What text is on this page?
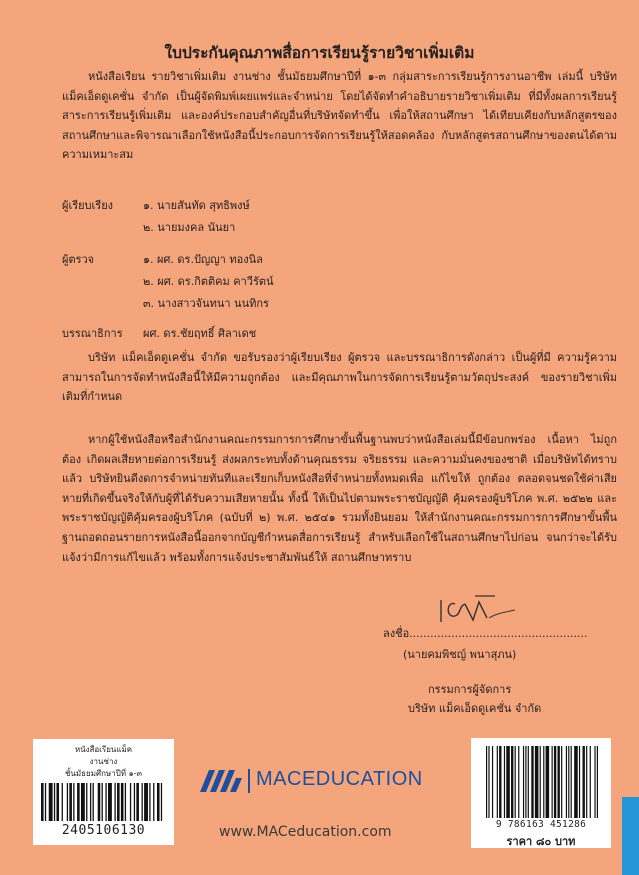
ใบประกันคุณภาพสื่อการเรียนรู้รายวิชาเพิ่มเติม

หนังสือเรียน รายวิชาเพิ่มเติม งานช่าง ชั้นมัธยมศึกษาปีที่ ๑-๓ กลุ่มสาระการเรียนรู้การงานอาชีพ เล่มนี้ บริษัท แม็คเอ็ดดูเคชั่น จำกัด เป็นผู้จัดพิมพ์เผยแพร่และจำหน่าย โดยได้จัดทำคำอธิบายรายวิชาเพิ่มเติม ที่มีทั้งผลการเรียนรู้ สาระการเรียนรู้เพิ่มเติม และองค์ประกอบสำคัญอื่นที่บริษัทจัดทำขึ้น เพื่อให้สถานศึกษา ได้เทียบเคียงกับหลักสูตรของสถานศึกษาและพิจารณาเลือกใช้หนังสือนี้ประกอบการจัดการเรียนรู้ให้สอดคล้อง กับหลักสูตรสถานศึกษาของตนได้ตามความเหมาะสม

ผู้เรียบเรียง	๑. นายสันทัด สุทธิพงษ์
๒. นายมงคล นันยา
ผู้ตรวจ	๑. ผศ. ดร.ปัญญา ทองนิล
๒. ผศ. ดร.กิตติคม คาวีรัตน์
๓. นางสาวจันทนา นนทิกร
บรรณาธิการ ผศ. ดร.ชัยฤทธิ์ ศิลาเดช

บริษัท แม็คเอ็ดดูเคชั่น จำกัด ขอรับรองว่าผู้เรียบเรียง ผู้ตรวจ และบรรณาธิการดังกล่าว เป็นผู้ที่มี ความรู้ความสามารถในการจัดทำหนังสือนี้ให้มีความถูกต้อง และมีคุณภาพในการจัดการเรียนรู้ตามวัตถุประสงค์ ของรายวิชาเพิ่มเติมที่กำหนด

หากผู้ใช้หนังสือหรือสำนักงานคณะกรรมการการศึกษาขั้นพื้นฐานพบว่าหนังสือเล่มนี้มีข้อบกพร่อง เนื้อหา ไม่ถูกต้อง เกิดผลเสียหายต่อการเรียนรู้ ส่งผลกระทบทั้งด้านคุณธรรม จริยธรรม และความมั่นคงของชาติ เมื่อบริษัทได้ทราบแล้ว บริษัทยินดีงดการจำหน่ายทันทีและเรียกเก็บหนังสือที่จำหน่ายทั้งหมดเพื่อ แก้ไขให้ ถูกต้อง ตลอดจนชดใช้ค่าเสียหายที่เกิดขึ้นจริงให้กับผู้ที่ได้รับความเสียหายนั้น ทั้งนี้ ให้เป็นไปตามพระราชบัญญัติ คุ้มครองผู้บริโภค พ.ศ. ๒๕๒๒ และพระราชบัญญัติคุ้มครองผู้บริโภค (ฉบับที่ ๒) พ.ศ. ๒๕๔๑ รวมทั้งยินยอม ให้สำนักงานคณะกรรมการการศึกษาขั้นพื้นฐานถอดถอนรายการหนังสือนี้ออกจากบัญชีกำหนดสื่อการเรียนรู้ สำหรับเลือกใช้ในสถานศึกษาไปก่อน จนกว่าจะได้รับแจ้งว่ามีการแก้ไขแล้ว พร้อมทั้งการแจ้งประชาสัมพันธ์ให้ สถานศึกษาทราบ

ลงชื่อ...................................................
(นายคมพิชญ์ พนาสุภน)
กรรมการผู้จัดการ
บริษัท แม็คเอ็ดดูเคชั่น จำกัด
หนังสือเรียนแม็ค
งานช่าง
ชั้นมัธยมศึกษาปีที่ ๑-๓
2405106130
MACEDUCATION
www.MACeducation.com	9 786163 451286
ราคา ๘๐ บาท
